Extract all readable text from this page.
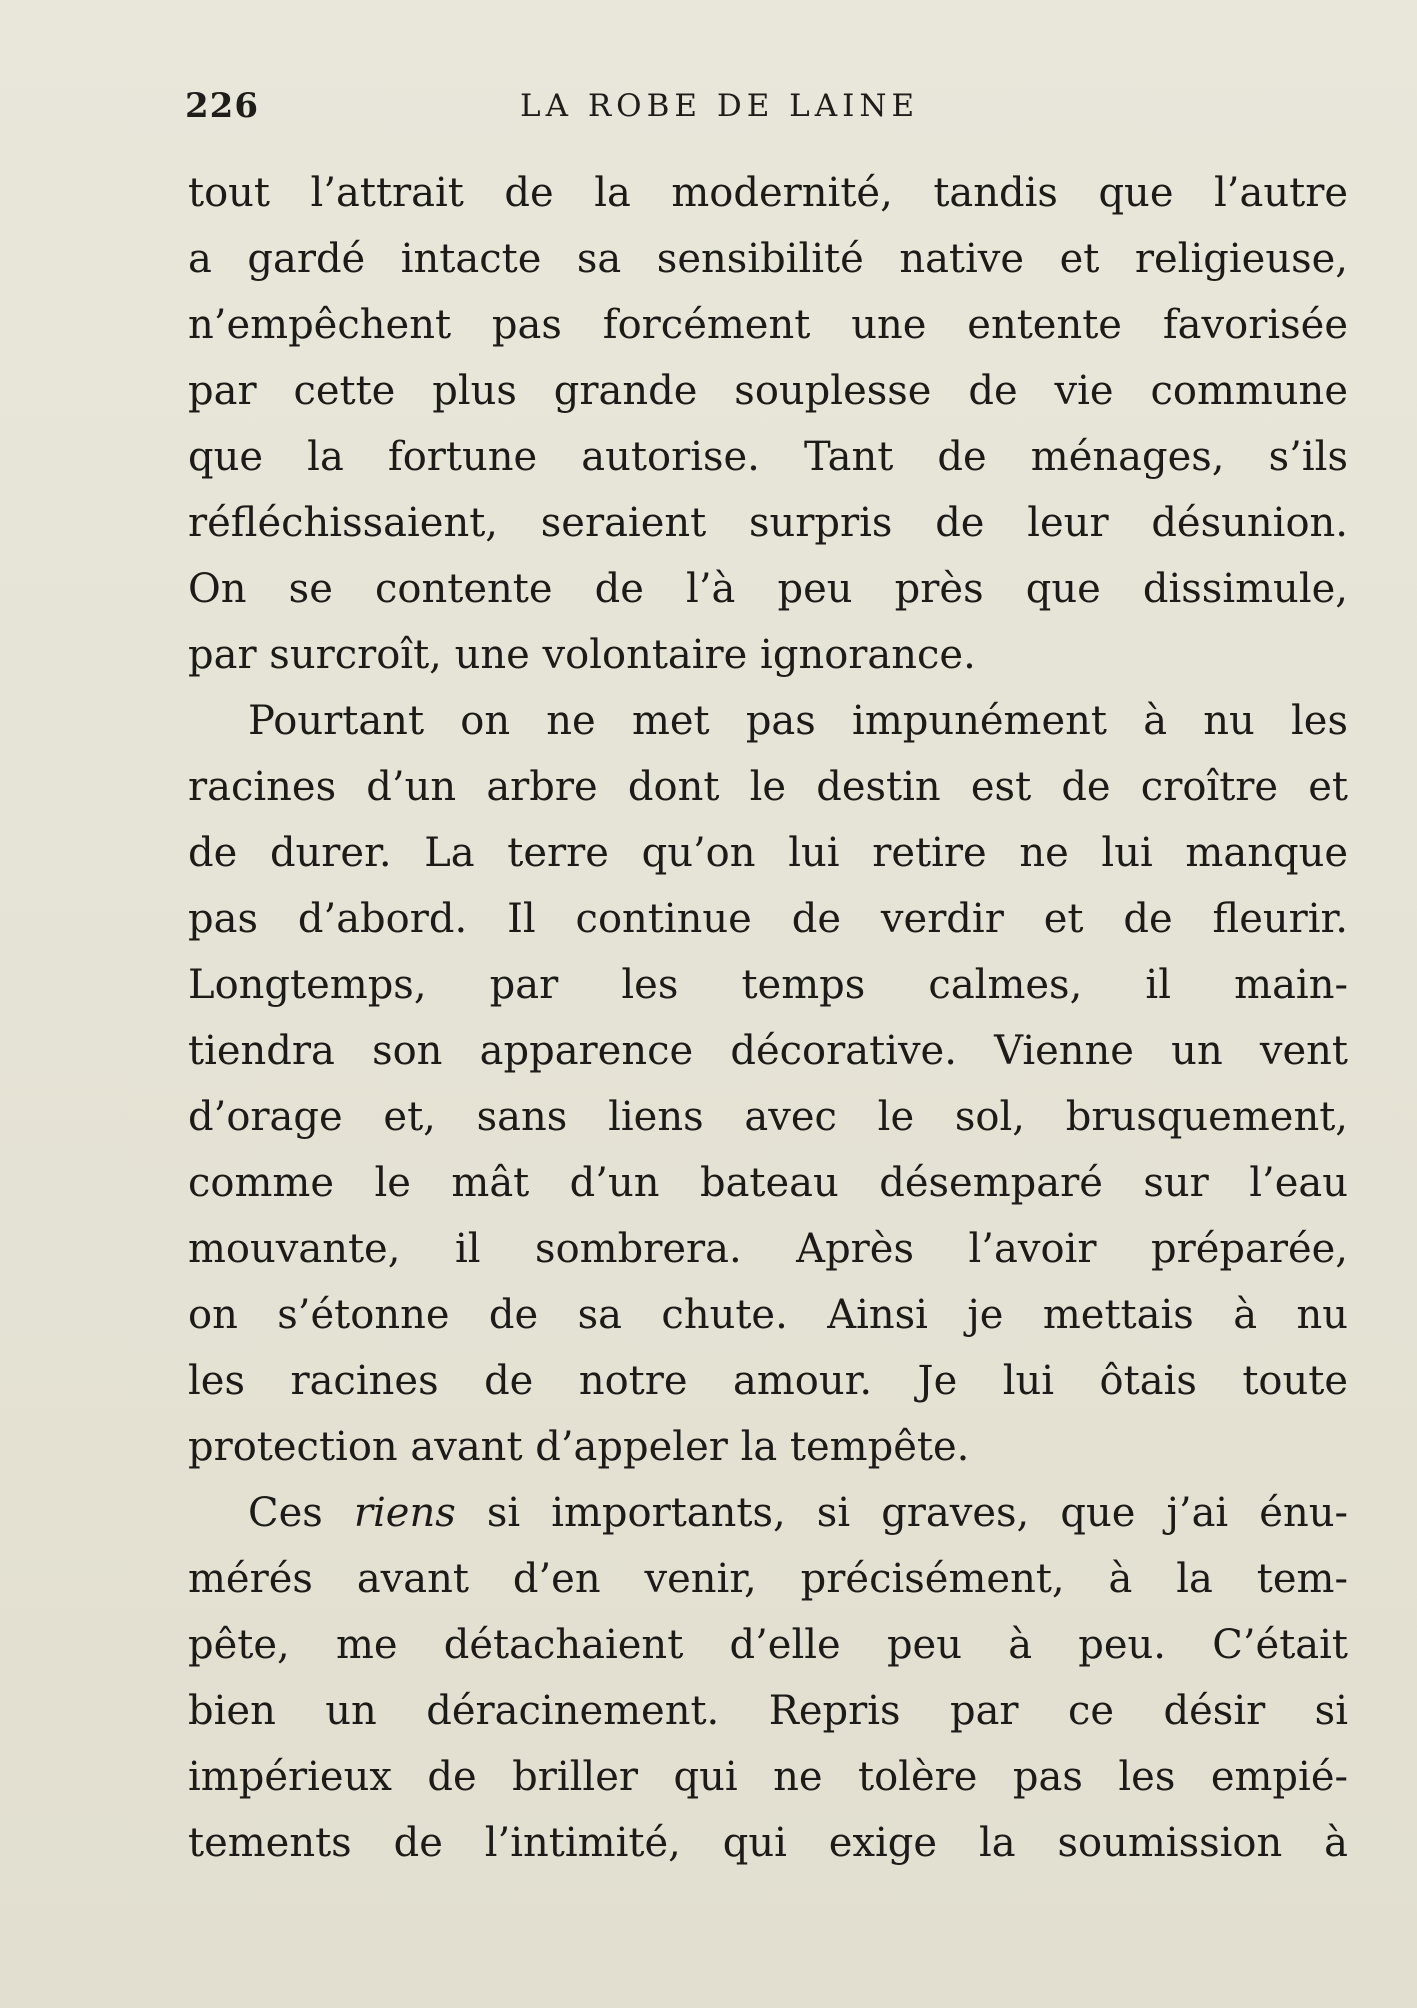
226	LA ROBE DE LAINE
tout l’attrait de la modernité, tandis que l’autre
a gardé intacte sa sensibilité native et religieuse,
n’empêchent pas forcément une entente favorisée
par cette plus grande souplesse de vie commune
que la fortune autorise. Tant de ménages, s’ils
réfléchissaient, seraient surpris de leur désunion.
On se contente de l’à peu près que dissimule,
par surcroît, une volontaire ignorance.
Pourtant on ne met pas impunément à nu les
racines d’un arbre dont le destin est de croître et
de durer. La terre qu’on lui retire ne lui manque
pas d’abord. Il continue de verdir et de fleurir.
Longtemps, par les temps calmes, il main-
tiendra son apparence décorative. Vienne un vent
d’orage et, sans liens avec le sol, brusquement,
comme le mât d’un bateau désemparé sur l’eau
mouvante, il sombrera. Après l’avoir préparée,
on s’étonne de sa chute. Ainsi je mettais à nu
les racines de notre amour. Je lui ôtais toute
protection avant d’appeler la tempête.
Ces riens si importants, si graves, que j’ai énu-
mérés avant d’en venir, précisément, à la tem-
pête, me détachaient d’elle peu à peu. C’était
bien un déracinement. Repris par ce désir si
impérieux de briller qui ne tolère pas les empié-
tements de l’intimité, qui exige la soumission à
